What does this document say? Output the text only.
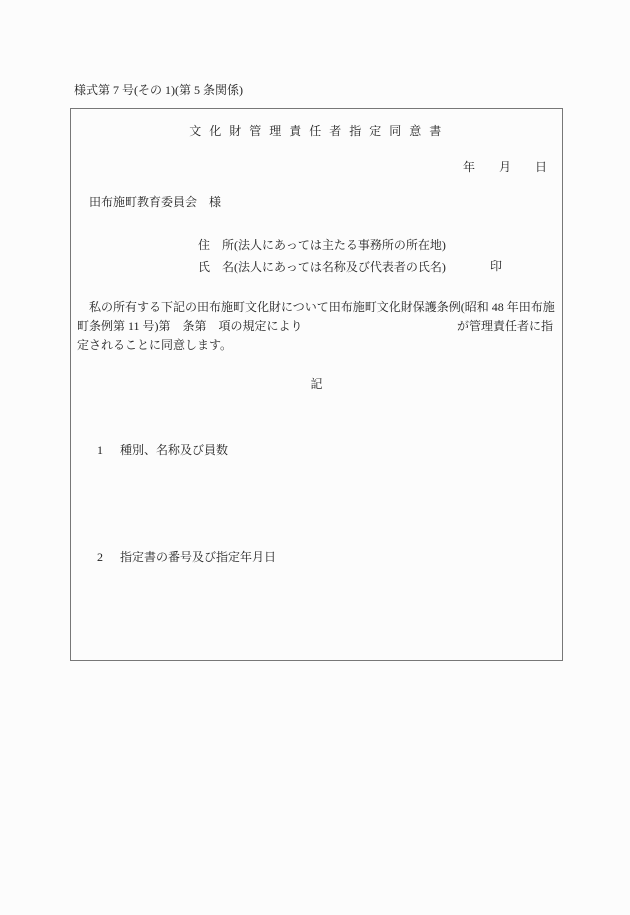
様式第 7 号(その 1)(第 5 条関係)
文 化 財 管 理 責 任 者 指 定 同 意 書
年　　月　　日
田布施町教育委員会　様
住　所(法人にあっては主たる事務所の所在地)
氏　名(法人にあっては名称及び代表者の氏名)	印
私の所有する下記の田布施町文化財について田布施町文化財保護条例(昭和 48 年田布施
町条例第 11 号)第　条第　項の規定により	が管理責任者に指
定されることに同意します。
記

1 種別、名称及び員数

2 指定書の番号及び指定年月日
